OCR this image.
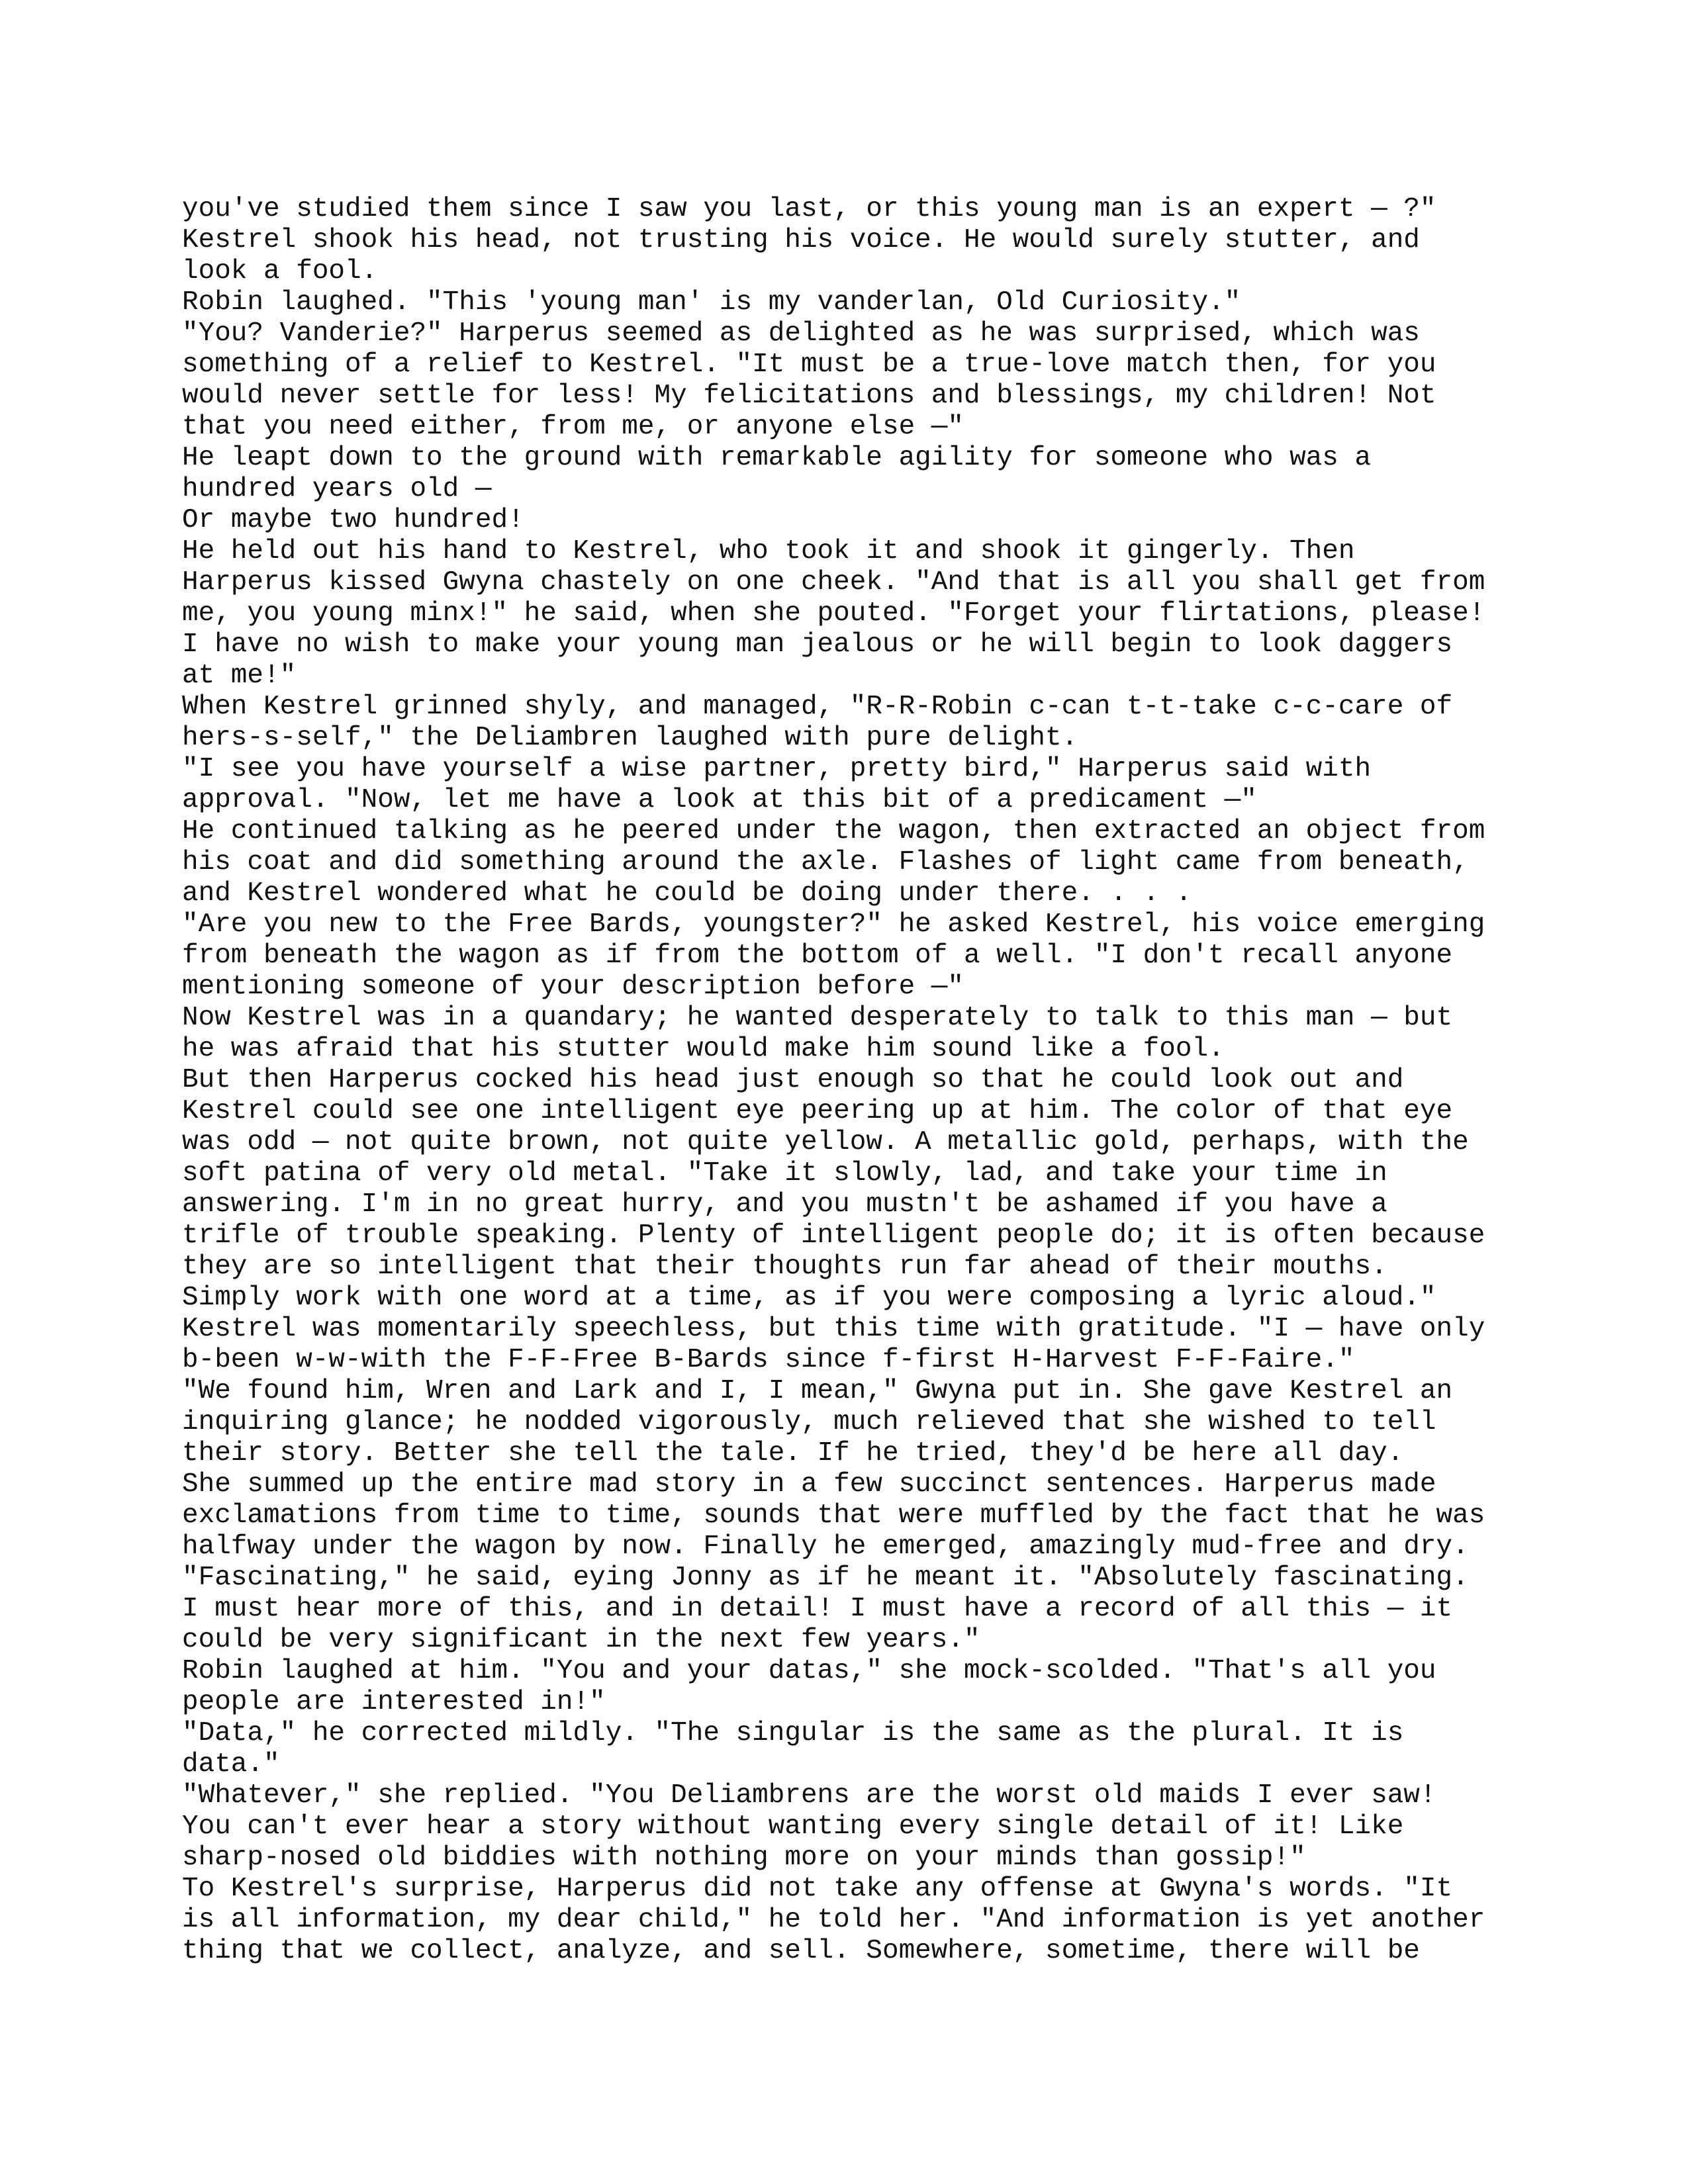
you've studied them since I saw you last, or this young man is an expert — ?"
Kestrel shook his head, not trusting his voice. He would surely stutter, and
look a fool.
Robin laughed. "This 'young man' is my vanderlan, Old Curiosity."
"You? Vanderie?" Harperus seemed as delighted as he was surprised, which was
something of a relief to Kestrel. "It must be a true-love match then, for you
would never settle for less! My felicitations and blessings, my children! Not
that you need either, from me, or anyone else —"
He leapt down to the ground with remarkable agility for someone who was a
hundred years old —
Or maybe two hundred!
He held out his hand to Kestrel, who took it and shook it gingerly. Then
Harperus kissed Gwyna chastely on one cheek. "And that is all you shall get from
me, you young minx!" he said, when she pouted. "Forget your flirtations, please!
I have no wish to make your young man jealous or he will begin to look daggers
at me!"
When Kestrel grinned shyly, and managed, "R-R-Robin c-can t-t-take c-c-care of
hers-s-self," the Deliambren laughed with pure delight.
"I see you have yourself a wise partner, pretty bird," Harperus said with
approval. "Now, let me have a look at this bit of a predicament —"
He continued talking as he peered under the wagon, then extracted an object from
his coat and did something around the axle. Flashes of light came from beneath,
and Kestrel wondered what he could be doing under there. . . .
"Are you new to the Free Bards, youngster?" he asked Kestrel, his voice emerging
from beneath the wagon as if from the bottom of a well. "I don't recall anyone
mentioning someone of your description before —"
Now Kestrel was in a quandary; he wanted desperately to talk to this man — but
he was afraid that his stutter would make him sound like a fool.
But then Harperus cocked his head just enough so that he could look out and
Kestrel could see one intelligent eye peering up at him. The color of that eye
was odd — not quite brown, not quite yellow. A metallic gold, perhaps, with the
soft patina of very old metal. "Take it slowly, lad, and take your time in
answering. I'm in no great hurry, and you mustn't be ashamed if you have a
trifle of trouble speaking. Plenty of intelligent people do; it is often because
they are so intelligent that their thoughts run far ahead of their mouths.
Simply work with one word at a time, as if you were composing a lyric aloud."
Kestrel was momentarily speechless, but this time with gratitude. "I — have only
b-been w-w-with the F-F-Free B-Bards since f-first H-Harvest F-F-Faire."
"We found him, Wren and Lark and I, I mean," Gwyna put in. She gave Kestrel an
inquiring glance; he nodded vigorously, much relieved that she wished to tell
their story. Better she tell the tale. If he tried, they'd be here all day.
She summed up the entire mad story in a few succinct sentences. Harperus made
exclamations from time to time, sounds that were muffled by the fact that he was
halfway under the wagon by now. Finally he emerged, amazingly mud-free and dry.
"Fascinating," he said, eying Jonny as if he meant it. "Absolutely fascinating.
I must hear more of this, and in detail! I must have a record of all this — it
could be very significant in the next few years."
Robin laughed at him. "You and your datas," she mock-scolded. "That's all you
people are interested in!"
"Data," he corrected mildly. "The singular is the same as the plural. It is
data."
"Whatever," she replied. "You Deliambrens are the worst old maids I ever saw!
You can't ever hear a story without wanting every single detail of it! Like
sharp-nosed old biddies with nothing more on your minds than gossip!"
To Kestrel's surprise, Harperus did not take any offense at Gwyna's words. "It
is all information, my dear child," he told her. "And information is yet another
thing that we collect, analyze, and sell. Somewhere, sometime, there will be
